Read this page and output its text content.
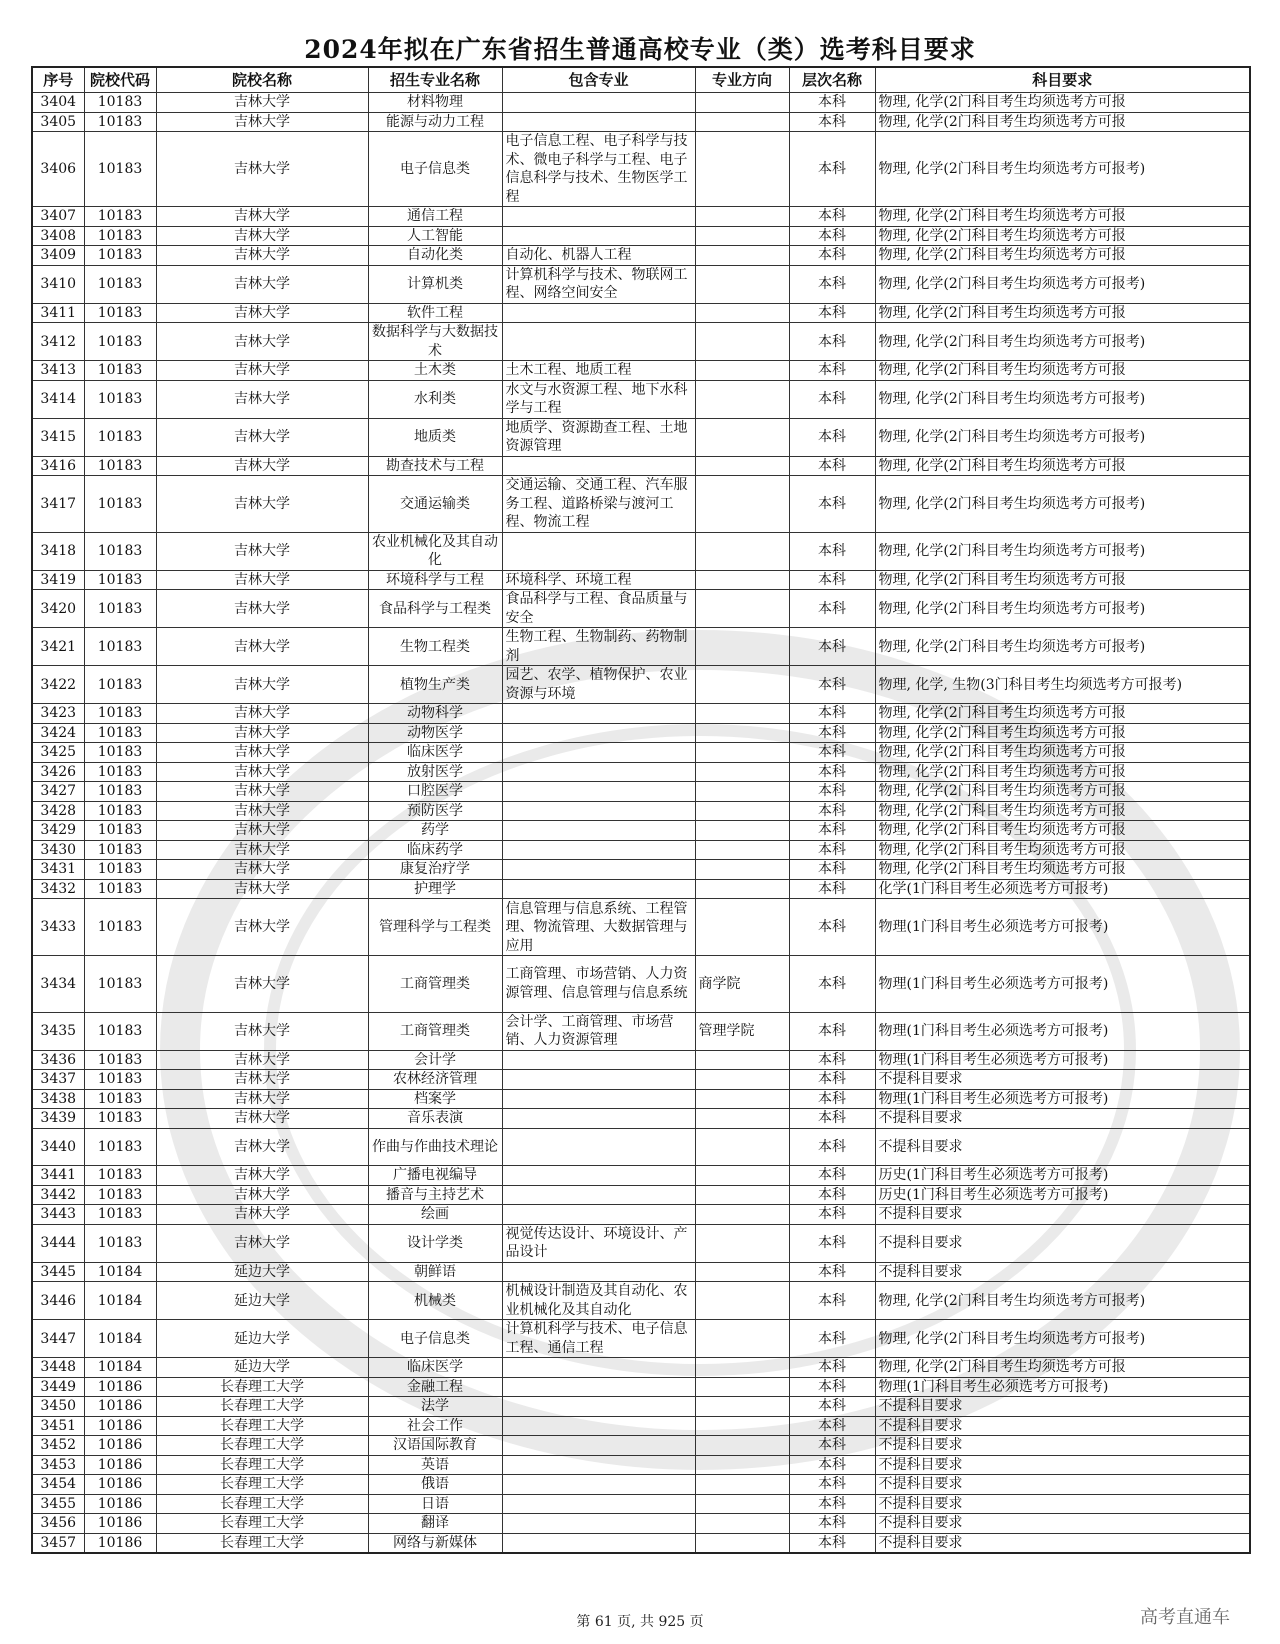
2024年拟在广东省招生普通高校专业（类）选考科目要求
序号	院校代码	院校名称	招生专业名称	包含专业	专业方向	层次名称	科目要求
3404	10183	吉林大学	材料物理			本科	物理, 化学(2门科目考生均须选考方可报
3405	10183	吉林大学	能源与动力工程			本科	物理, 化学(2门科目考生均须选考方可报
3406	10183	吉林大学	电子信息类	电子信息工程、电子科学与技术、微电子科学与工程、电子信息科学与技术、生物医学工程		本科	物理, 化学(2门科目考生均须选考方可报考)
3407	10183	吉林大学	通信工程			本科	物理, 化学(2门科目考生均须选考方可报
3408	10183	吉林大学	人工智能			本科	物理, 化学(2门科目考生均须选考方可报
3409	10183	吉林大学	自动化类	自动化、机器人工程		本科	物理, 化学(2门科目考生均须选考方可报
3410	10183	吉林大学	计算机类	计算机科学与技术、物联网工程、网络空间安全		本科	物理, 化学(2门科目考生均须选考方可报考)
3411	10183	吉林大学	软件工程			本科	物理, 化学(2门科目考生均须选考方可报
3412	10183	吉林大学	数据科学与大数据技术			本科	物理, 化学(2门科目考生均须选考方可报考)
3413	10183	吉林大学	土木类	土木工程、地质工程		本科	物理, 化学(2门科目考生均须选考方可报
3414	10183	吉林大学	水利类	水文与水资源工程、地下水科学与工程		本科	物理, 化学(2门科目考生均须选考方可报考)
3415	10183	吉林大学	地质类	地质学、资源勘查工程、土地资源管理		本科	物理, 化学(2门科目考生均须选考方可报考)
3416	10183	吉林大学	勘查技术与工程			本科	物理, 化学(2门科目考生均须选考方可报
3417	10183	吉林大学	交通运输类	交通运输、交通工程、汽车服务工程、道路桥梁与渡河工程、物流工程		本科	物理, 化学(2门科目考生均须选考方可报考)
3418	10183	吉林大学	农业机械化及其自动化			本科	物理, 化学(2门科目考生均须选考方可报考)
3419	10183	吉林大学	环境科学与工程	环境科学、环境工程		本科	物理, 化学(2门科目考生均须选考方可报
3420	10183	吉林大学	食品科学与工程类	食品科学与工程、食品质量与安全		本科	物理, 化学(2门科目考生均须选考方可报考)
3421	10183	吉林大学	生物工程类	生物工程、生物制药、药物制剂		本科	物理, 化学(2门科目考生均须选考方可报考)
3422	10183	吉林大学	植物生产类	园艺、农学、植物保护、农业资源与环境		本科	物理, 化学, 生物(3门科目考生均须选考方可报考)
3423	10183	吉林大学	动物科学			本科	物理, 化学(2门科目考生均须选考方可报
3424	10183	吉林大学	动物医学			本科	物理, 化学(2门科目考生均须选考方可报
3425	10183	吉林大学	临床医学			本科	物理, 化学(2门科目考生均须选考方可报
3426	10183	吉林大学	放射医学			本科	物理, 化学(2门科目考生均须选考方可报
3427	10183	吉林大学	口腔医学			本科	物理, 化学(2门科目考生均须选考方可报
3428	10183	吉林大学	预防医学			本科	物理, 化学(2门科目考生均须选考方可报
3429	10183	吉林大学	药学			本科	物理, 化学(2门科目考生均须选考方可报
3430	10183	吉林大学	临床药学			本科	物理, 化学(2门科目考生均须选考方可报
3431	10183	吉林大学	康复治疗学			本科	物理, 化学(2门科目考生均须选考方可报
3432	10183	吉林大学	护理学			本科	化学(1门科目考生必须选考方可报考)
3433	10183	吉林大学	管理科学与工程类	信息管理与信息系统、工程管理、物流管理、大数据管理与应用		本科	物理(1门科目考生必须选考方可报考)
3434	10183	吉林大学	工商管理类	工商管理、市场营销、人力资源管理、信息管理与信息系统	商学院	本科	物理(1门科目考生必须选考方可报考)
3435	10183	吉林大学	工商管理类	会计学、工商管理、市场营销、人力资源管理	管理学院	本科	物理(1门科目考生必须选考方可报考)
3436	10183	吉林大学	会计学			本科	物理(1门科目考生必须选考方可报考)
3437	10183	吉林大学	农林经济管理			本科	不提科目要求
3438	10183	吉林大学	档案学			本科	物理(1门科目考生必须选考方可报考)
3439	10183	吉林大学	音乐表演			本科	不提科目要求
3440	10183	吉林大学	作曲与作曲技术理论			本科	不提科目要求
3441	10183	吉林大学	广播电视编导			本科	历史(1门科目考生必须选考方可报考)
3442	10183	吉林大学	播音与主持艺术			本科	历史(1门科目考生必须选考方可报考)
3443	10183	吉林大学	绘画			本科	不提科目要求
3444	10183	吉林大学	设计学类	视觉传达设计、环境设计、产品设计		本科	不提科目要求
3445	10184	延边大学	朝鲜语			本科	不提科目要求
3446	10184	延边大学	机械类	机械设计制造及其自动化、农业机械化及其自动化		本科	物理, 化学(2门科目考生均须选考方可报考)
3447	10184	延边大学	电子信息类	计算机科学与技术、电子信息工程、通信工程		本科	物理, 化学(2门科目考生均须选考方可报考)
3448	10184	延边大学	临床医学			本科	物理, 化学(2门科目考生均须选考方可报
3449	10186	长春理工大学	金融工程			本科	物理(1门科目考生必须选考方可报考)
3450	10186	长春理工大学	法学			本科	不提科目要求
3451	10186	长春理工大学	社会工作			本科	不提科目要求
3452	10186	长春理工大学	汉语国际教育			本科	不提科目要求
3453	10186	长春理工大学	英语			本科	不提科目要求
3454	10186	长春理工大学	俄语			本科	不提科目要求
3455	10186	长春理工大学	日语			本科	不提科目要求
3456	10186	长春理工大学	翻译			本科	不提科目要求
3457	10186	长春理工大学	网络与新媒体			本科	不提科目要求
第 61 页, 共 925 页	高考直通车
